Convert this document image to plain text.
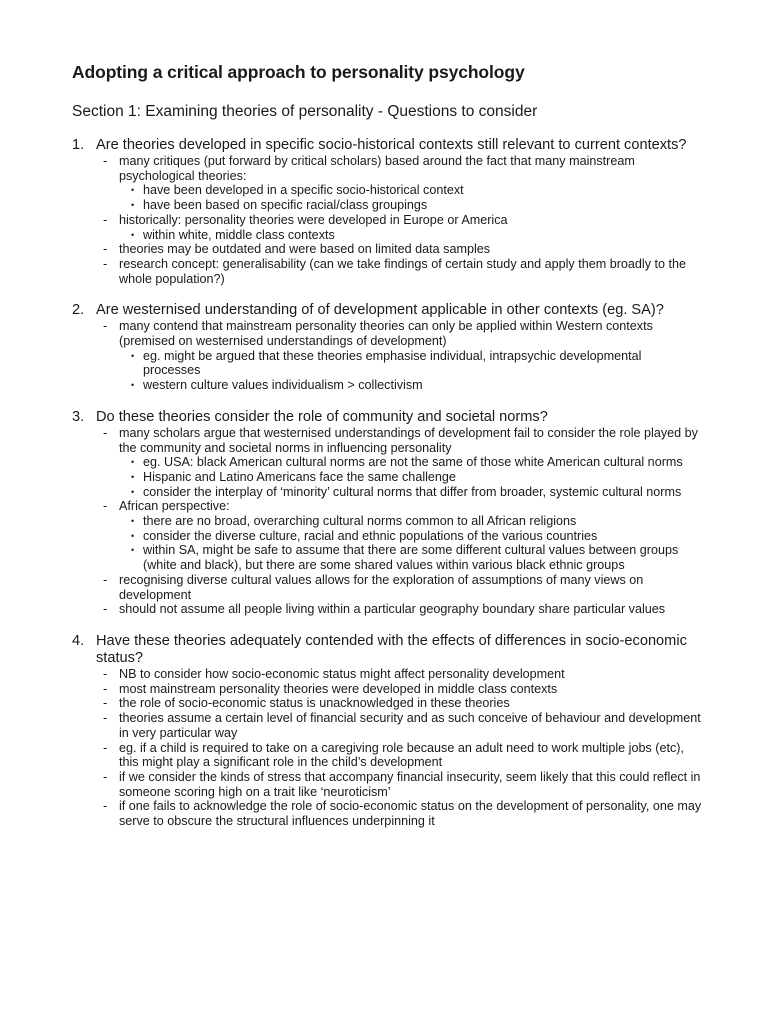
Adopting a critical approach to personality psychology
Section 1: Examining theories of personality - Questions to consider
1. Are theories developed in specific socio-historical contexts still relevant to current contexts?
- many critiques (put forward by critical scholars) based around the fact that many mainstream psychological theories:
• have been developed in a specific socio-historical context
• have been based on specific racial/class groupings
- historically: personality theories were developed in Europe or America
• within white, middle class contexts
- theories may be outdated and were based on limited data samples
- research concept: generalisability (can we take findings of certain study and apply them broadly to the whole population?)
2. Are westernised understanding of of development applicable in other contexts (eg. SA)?
- many contend that mainstream personality theories can only be applied within Western contexts (premised on westernised understandings of development)
• eg. might be argued that these theories emphasise individual, intrapsychic developmental processes
• western culture values individualism > collectivism
3. Do these theories consider the role of community and societal norms?
- many scholars argue that westernised understandings of development fail to consider the role played by the community and societal norms in influencing personality
• eg. USA: black American cultural norms are not the same of those white American cultural norms
• Hispanic and Latino Americans face the same challenge
• consider the interplay of ‘minority’ cultural norms that differ from broader, systemic cultural norms
- African perspective:
• there are no broad, overarching cultural norms common to all African religions
• consider the diverse culture, racial and ethnic populations of the various countries
• within SA, might be safe to assume that there are some different cultural values between groups (white and black), but there are some shared values within various black ethnic groups
- recognising diverse cultural values allows for the exploration of assumptions of many views on development
- should not assume all people living within a particular geography boundary share particular values
4. Have these theories adequately contended with the effects of differences in socio-economic status?
- NB to consider how socio-economic status might affect personality development
- most mainstream personality theories were developed in middle class contexts
- the role of socio-economic status is unacknowledged in these theories
- theories assume a certain level of financial security and as such conceive of behaviour and development in very particular way
- eg. if a child is required to take on a caregiving role because an adult need to work multiple jobs (etc), this might play a significant role in the child’s development
- if we consider the kinds of stress that accompany financial insecurity, seem likely that this could reflect in someone scoring high on a trait like ‘neuroticism’
- if one fails to acknowledge the role of socio-economic status on the development of personality, one may serve to obscure the structural influences underpinning it
